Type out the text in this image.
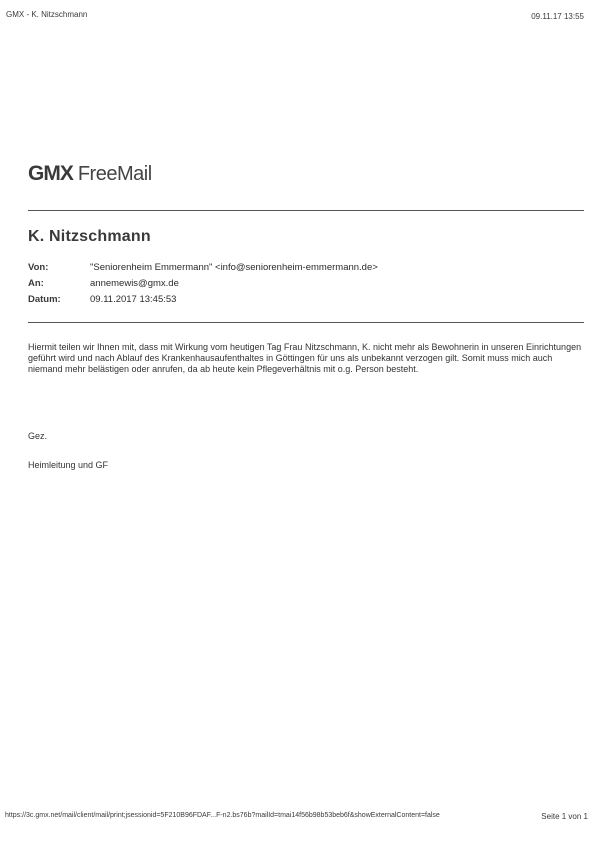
GMX - K. Nitzschmann	09.11.17 13:55
GMX FreeMail
K. Nitzschmann
Von:	"Seniorenheim Emmermann" <info@seniorenheim-emmermann.de>
An:	annemewis@gmx.de
Datum:	09.11.2017 13:45:53
Hiermit teilen wir Ihnen mit, dass mit Wirkung vom heutigen Tag Frau Nitzschmann, K. nicht mehr als Bewohnerin in unseren Einrichtungen geführt wird und nach Ablauf des Krankenhausaufenthaltes in Göttingen für uns als unbekannt verzogen gilt. Somit muss mich auch niemand mehr belästigen oder anrufen, da ab heute kein Pflegeverhältnis mit o.g. Person besteht.
Gez.
Heimleitung und GF
https://3c.gmx.net/mail/client/mail/print;jsessionid=5F210B96FDAF...F-n2.bs76b?mailId=tmai14f56b98b53beb6f&showExternalContent=false	Seite 1 von 1
